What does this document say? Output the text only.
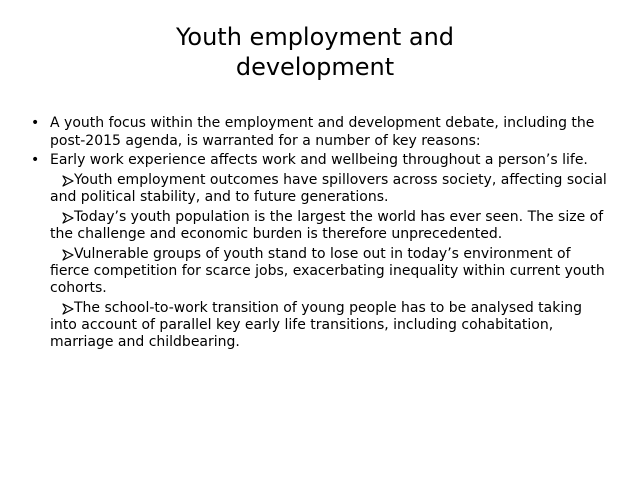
Youth employment and development
• A youth focus within the employment and development debate, including the post-2015 agenda, is warranted for a number of key reasons:
• Early work experience affects work and wellbeing throughout a person’s life.
Youth employment outcomes have spillovers across society, affecting social and political stability, and to future generations.
Today’s youth population is the largest the world has ever seen. The size of the challenge and economic burden is therefore unprecedented.
Vulnerable groups of youth stand to lose out in today’s environment of fierce competition for scarce jobs, exacerbating inequality within current youth cohorts.
The school-to-work transition of young people has to be analysed taking into account of parallel key early life transitions, including cohabitation, marriage and childbearing.
